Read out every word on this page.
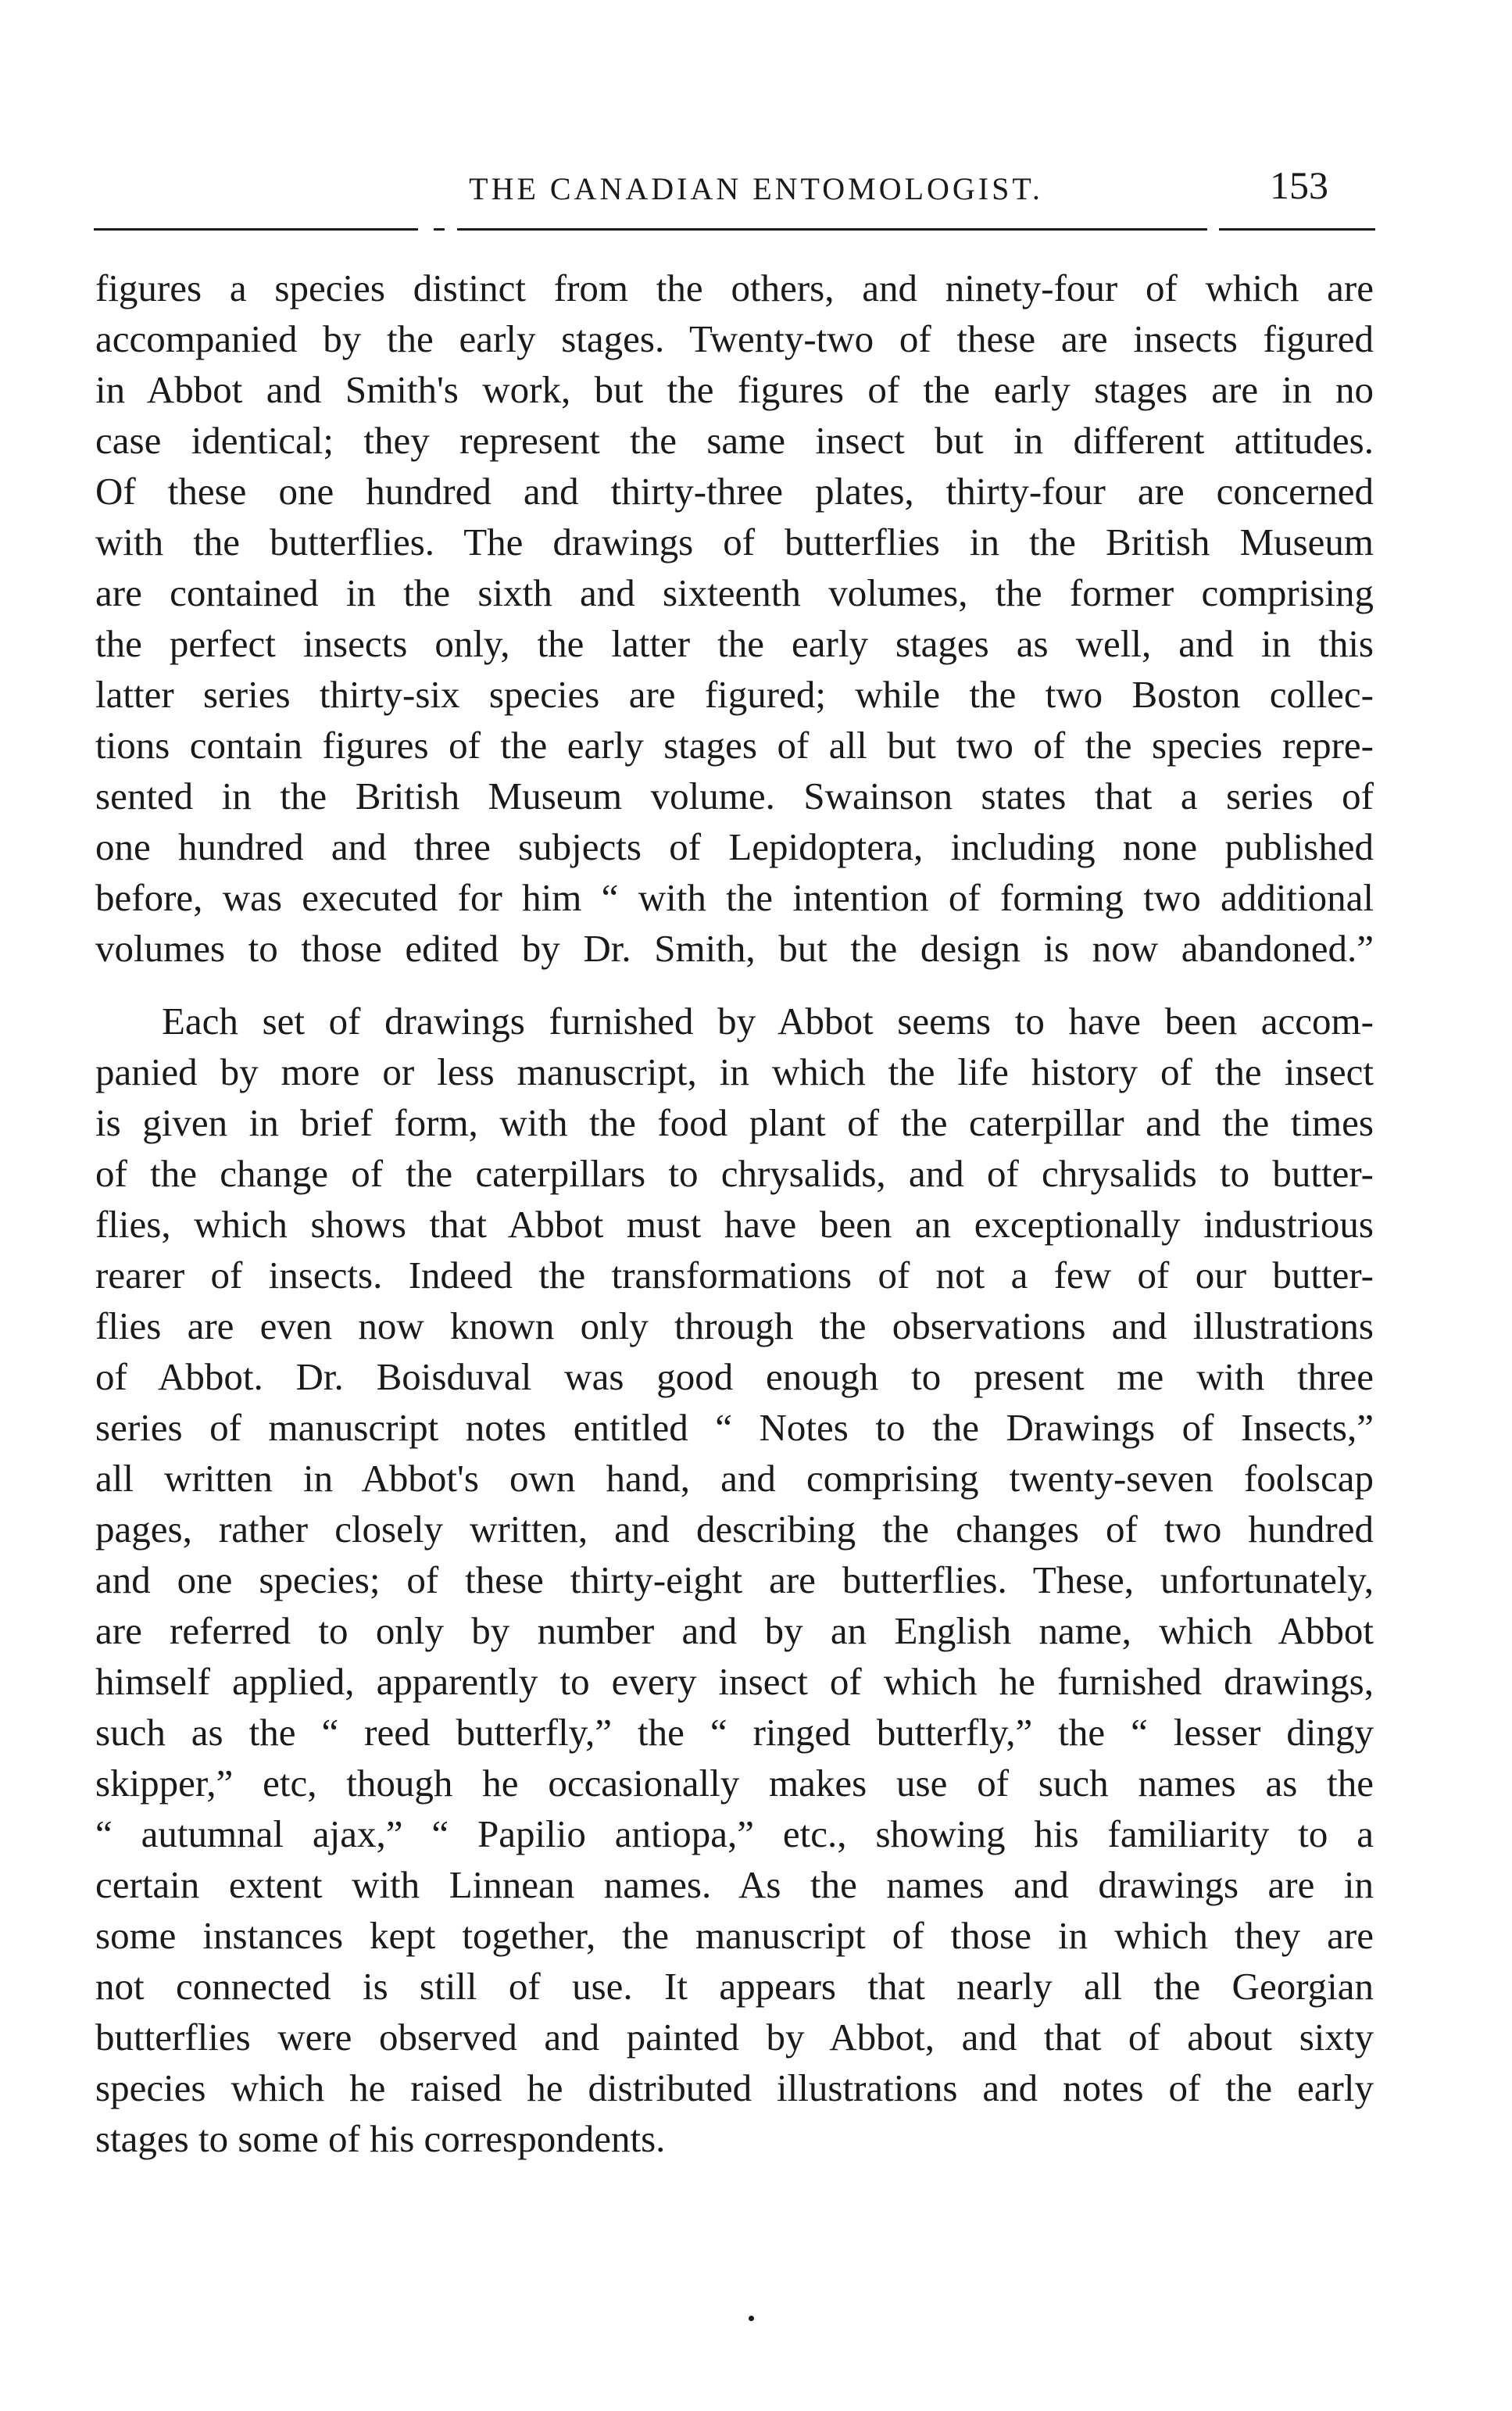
THE CANADIAN ENTOMOLOGIST.	153
figures a species distinct from the others, and ninety-four of which are
accompanied by the early stages. Twenty-two of these are insects figured
in Abbot and Smith's work, but the figures of the early stages are in no
case identical; they represent the same insect but in different attitudes.
Of these one hundred and thirty-three plates, thirty-four are concerned
with the butterflies. The drawings of butterflies in the British Museum
are contained in the sixth and sixteenth volumes, the former comprising
the perfect insects only, the latter the early stages as well, and in this
latter series thirty-six species are figured; while the two Boston collec-
tions contain figures of the early stages of all but two of the species repre-
sented in the British Museum volume. Swainson states that a series of
one hundred and three subjects of Lepidoptera, including none published
before, was executed for him “ with the intention of forming two additional
volumes to those edited by Dr. Smith, but the design is now abandoned.”
Each set of drawings furnished by Abbot seems to have been accom-
panied by more or less manuscript, in which the life history of the insect
is given in brief form, with the food plant of the caterpillar and the times
of the change of the caterpillars to chrysalids, and of chrysalids to butter-
flies, which shows that Abbot must have been an exceptionally industrious
rearer of insects. Indeed the transformations of not a few of our butter-
flies are even now known only through the observations and illustrations
of Abbot. Dr. Boisduval was good enough to present me with three
series of manuscript notes entitled “ Notes to the Drawings of Insects,”
all written in Abbot's own hand, and comprising twenty-seven foolscap
pages, rather closely written, and describing the changes of two hundred
and one species; of these thirty-eight are butterflies. These, unfortunately,
are referred to only by number and by an English name, which Abbot
himself applied, apparently to every insect of which he furnished drawings,
such as the “ reed butterfly,” the “ ringed butterfly,” the “ lesser dingy
skipper,” etc, though he occasionally makes use of such names as the
“ autumnal ajax,” “ Papilio antiopa,” etc., showing his familiarity to a
certain extent with Linnean names. As the names and drawings are in
some instances kept together, the manuscript of those in which they are
not connected is still of use. It appears that nearly all the Georgian
butterflies were observed and painted by Abbot, and that of about sixty
species which he raised he distributed illustrations and notes of the early
stages to some of his correspondents.
